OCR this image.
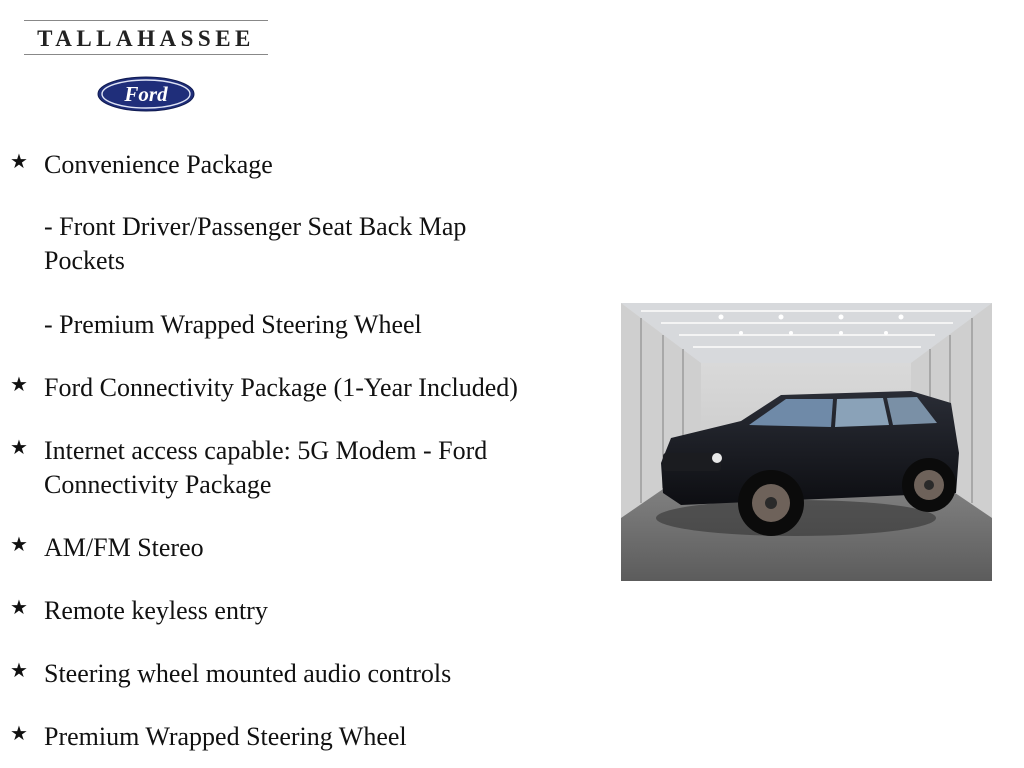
TALLAHASSEE
Ford
★ Convenience Package
- Front Driver/Passenger Seat Back Map Pockets
- Premium Wrapped Steering Wheel
★ Ford Connectivity Package (1-Year Included)
★ Internet access capable: 5G Modem - Ford Connectivity Package
★ AM/FM Stereo
★ Remote keyless entry
★ Steering wheel mounted audio controls
★ Premium Wrapped Steering Wheel
